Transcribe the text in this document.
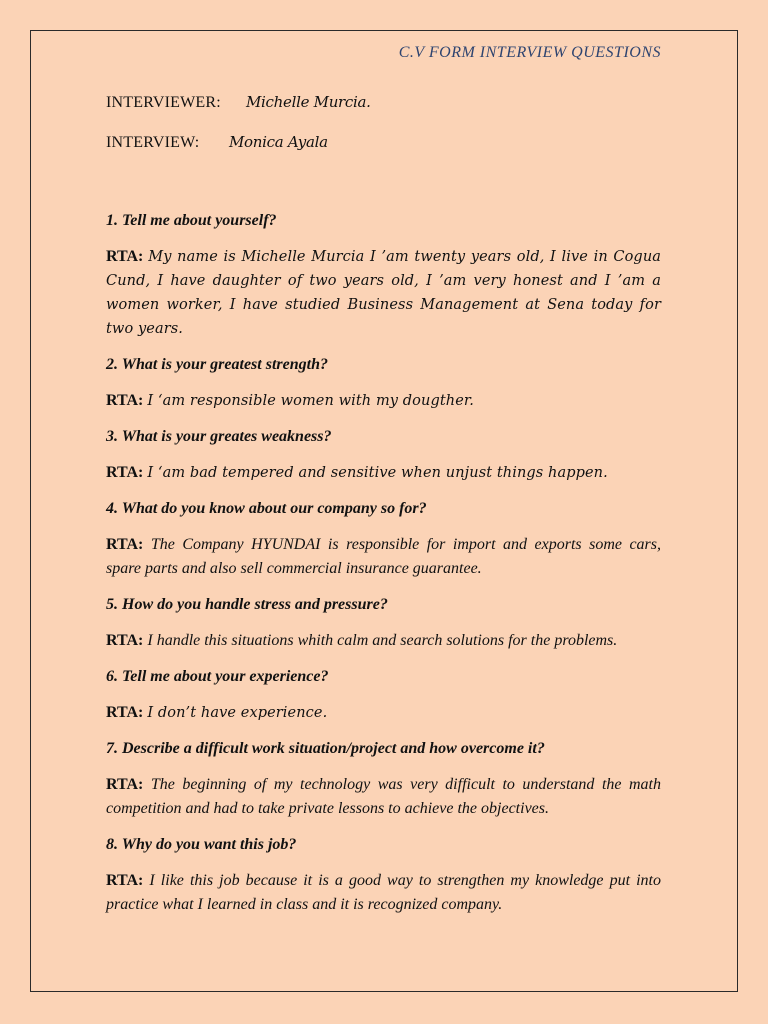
C.V FORM INTERVIEW QUESTIONS
INTERVIEWER: Michelle Murcia.
INTERVIEW: Monica Ayala

1. Tell me about yourself?

RTA: My name is Michelle Murcia I ’am twenty years old, I live in Cogua Cund, I have daughter of two years old, I ’am very honest and I ’am a women worker, I have studied Business Management at Sena today for two years.

2. What is your greatest strength?

RTA: I ‘am responsible women with my dougther.

3. What is your greates weakness?

RTA: I ‘am bad tempered and sensitive when unjust things happen.

4. What do you know about our company so for?

RTA: The Company HYUNDAI is responsible for import and exports some cars, spare parts and also sell commercial insurance guarantee.

5. How do you handle stress and pressure?

RTA: I handle this situations whith calm and search solutions for the problems.

6. Tell me about your experience?

RTA: I don’t have experience.

7. Describe a difficult work situation/project and how overcome it?

RTA: The beginning of my technology was very difficult to understand the math competition and had to take private lessons to achieve the objectives.

8. Why do you want this job?

RTA: I like this job because it is a good way to strengthen my knowledge put into practice what I learned in class and it is recognized company.
